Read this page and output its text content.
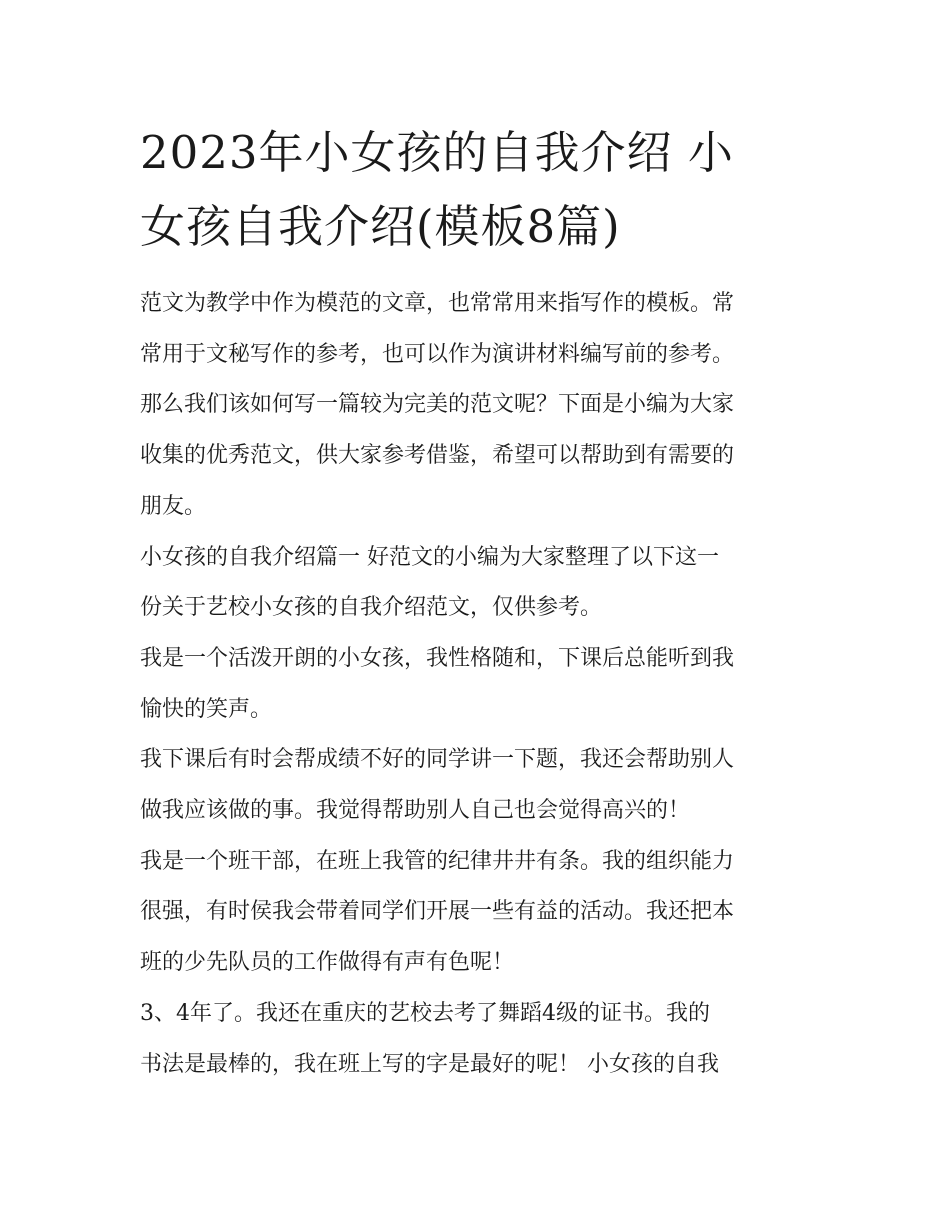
2023年小女孩的自我介绍 小
女孩自我介绍(模板8篇)

范文为教学中作为模范的文章，也常常用来指写作的模板。常
常用于文秘写作的参考，也可以作为演讲材料编写前的参考。
那么我们该如何写一篇较为完美的范文呢？下面是小编为大家
收集的优秀范文，供大家参考借鉴，希望可以帮助到有需要的
朋友。

小女孩的自我介绍篇一 好范文的小编为大家整理了以下这一
份关于艺校小女孩的自我介绍范文，仅供参考。

我是一个活泼开朗的小女孩，我性格随和，下课后总能听到我
愉快的笑声。

我下课后有时会帮成绩不好的同学讲一下题，我还会帮助别人
做我应该做的事。我觉得帮助别人自己也会觉得高兴的！

我是一个班干部，在班上我管的纪律井井有条。我的组织能力
很强，有时侯我会带着同学们开展一些有益的活动。我还把本
班的少先队员的工作做得有声有色呢！

3、4年了。我还在重庆的艺校去考了舞蹈4级的证书。我的
书法是最棒的，我在班上写的字是最好的呢！ 小女孩的自我
